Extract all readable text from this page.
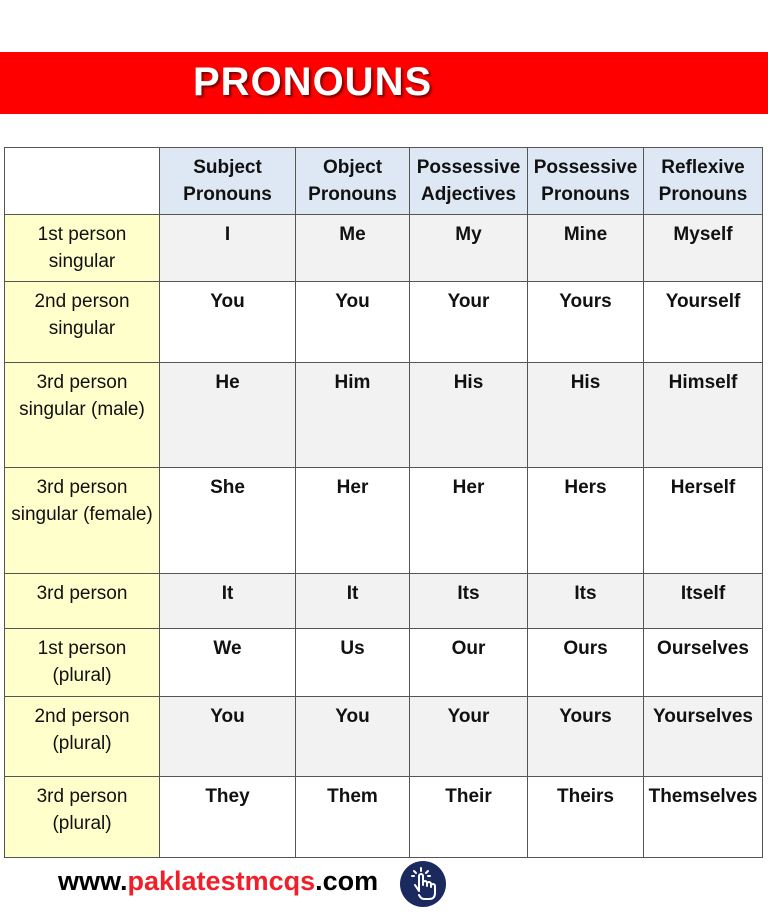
PRONOUNS
	Subject Pronouns	Object Pronouns	Possessive Adjectives	Possessive Pronouns	Reflexive Pronouns
1st person singular	I	Me	My	Mine	Myself
2nd person singular	You	You	Your	Yours	Yourself
3rd person singular (male)	He	Him	His	His	Himself
3rd person singular (female)	She	Her	Her	Hers	Herself
3rd person	It	It	Its	Its	Itself
1st person (plural)	We	Us	Our	Ours	Ourselves
2nd person (plural)	You	You	Your	Yours	Yourselves
3rd person (plural)	They	Them	Their	Theirs	Themselves
www.paklatestmcqs.com
